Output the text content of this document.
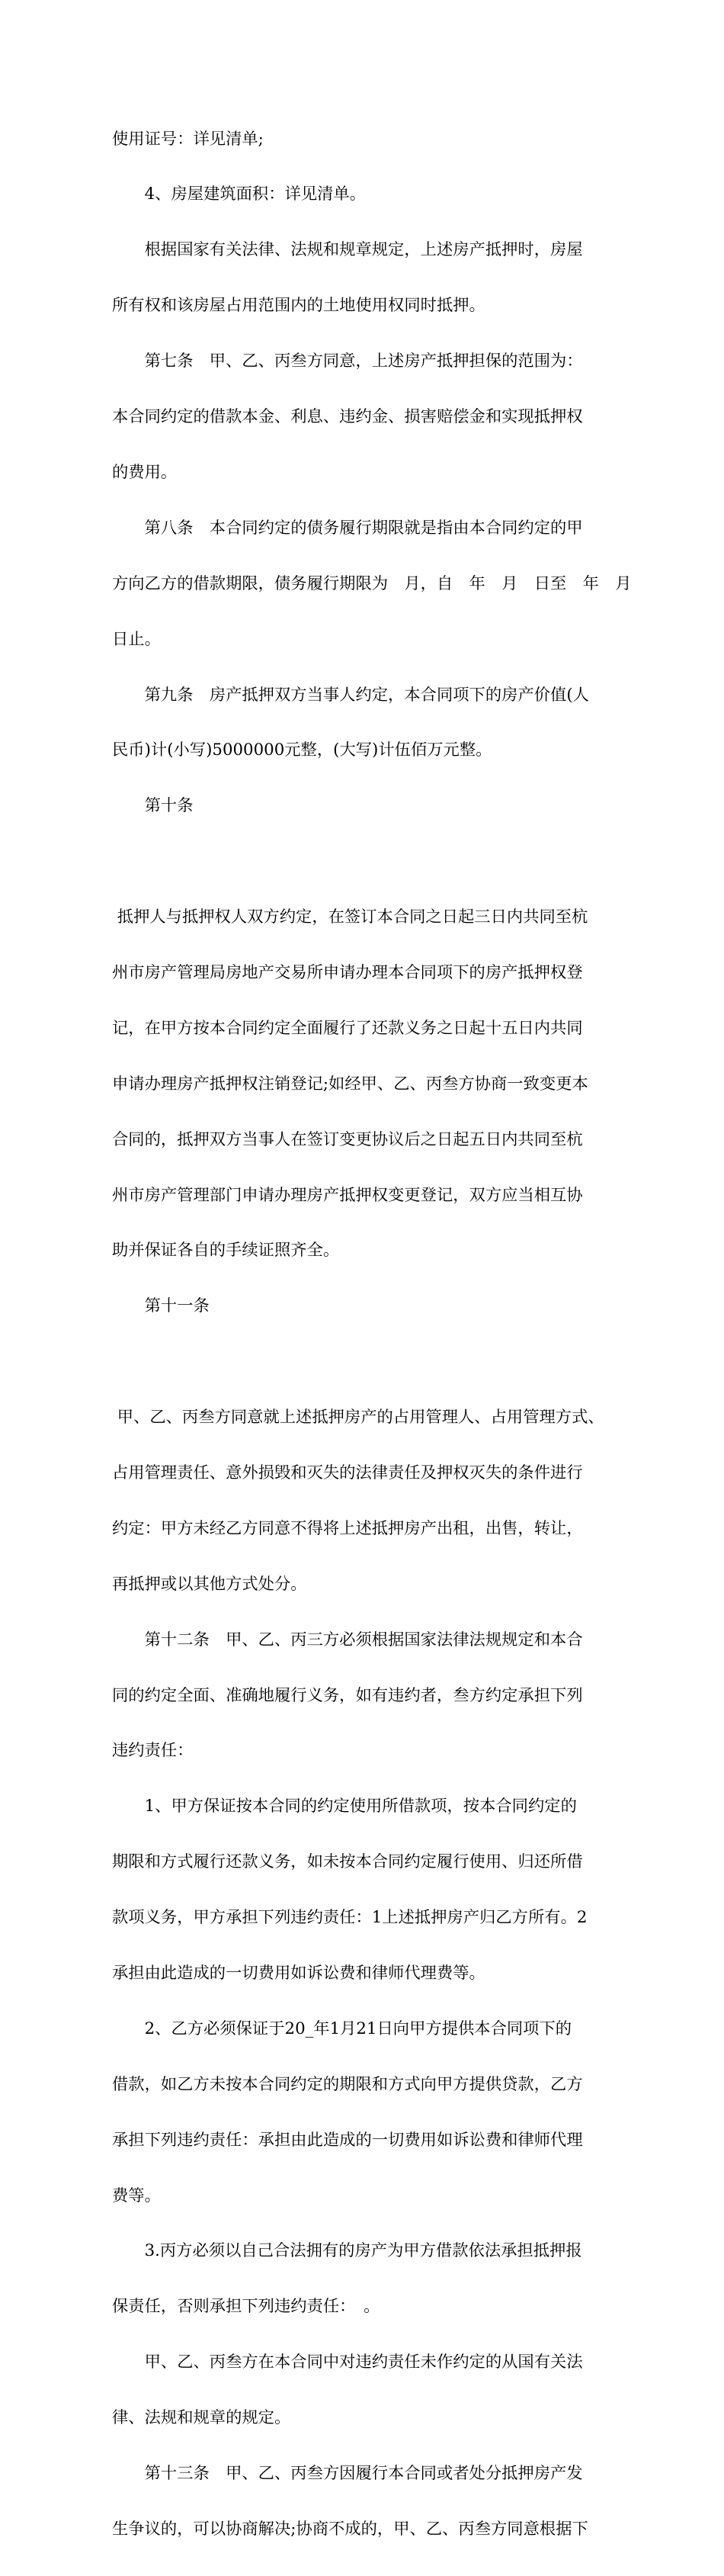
使用证号：详见清单;

　　4、房屋建筑面积：详见清单。

　　根据国家有关法律、法规和规章规定，上述房产抵押时，房屋

所有权和该房屋占用范围内的土地使用权同时抵押。

　　第七条　甲、乙、丙叁方同意，上述房产抵押担保的范围为：

本合同约定的借款本金、利息、违约金、损害赔偿金和实现抵押权

的费用。

　　第八条　本合同约定的债务履行期限就是指由本合同约定的甲

方向乙方的借款期限，债务履行期限为　月，自　年　月　日至　年　月

日止。

　　第九条　房产抵押双方当事人约定，本合同项下的房产价值(人

民币)计(小写)5000000元整，(大写)计伍佰万元整。

　　第十条

抵押人与抵押权人双方约定，在签订本合同之日起三日内共同至杭

州市房产管理局房地产交易所申请办理本合同项下的房产抵押权登

记，在甲方按本合同约定全面履行了还款义务之日起十五日内共同

申请办理房产抵押权注销登记;如经甲、乙、丙叁方协商一致变更本

合同的，抵押双方当事人在签订变更协议后之日起五日内共同至杭

州市房产管理部门申请办理房产抵押权变更登记，双方应当相互协

助并保证各自的手续证照齐全。

　　第十一条

甲、乙、丙叁方同意就上述抵押房产的占用管理人、占用管理方式、

占用管理责任、意外损毁和灭失的法律责任及押权灭失的条件进行

约定：甲方未经乙方同意不得将上述抵押房产出租，出售，转让，

再抵押或以其他方式处分。

　　第十二条　甲、乙、丙三方必须根据国家法律法规规定和本合

同的约定全面、准确地履行义务，如有违约者，叁方约定承担下列

违约责任：

　　1、甲方保证按本合同的约定使用所借款项，按本合同约定的

期限和方式履行还款义务，如未按本合同约定履行使用、归还所借

款项义务，甲方承担下列违约责任：1上述抵押房产归乙方所有。2

承担由此造成的一切费用如诉讼费和律师代理费等。

　　2、乙方必须保证于20_年1月21日向甲方提供本合同项下的

借款，如乙方未按本合同约定的期限和方式向甲方提供贷款，乙方

承担下列违约责任：承担由此造成的一切费用如诉讼费和律师代理

费等。

　　3.丙方必须以自己合法拥有的房产为甲方借款依法承担抵押报

保责任，否则承担下列违约责任：　。

　　甲、乙、丙叁方在本合同中对违约责任未作约定的从国有关法

律、法规和规章的规定。

　　第十三条　甲、乙、丙叁方因履行本合同或者处分抵押房产发

生争议的，可以协商解决;协商不成的，甲、乙、丙叁方同意根据下
